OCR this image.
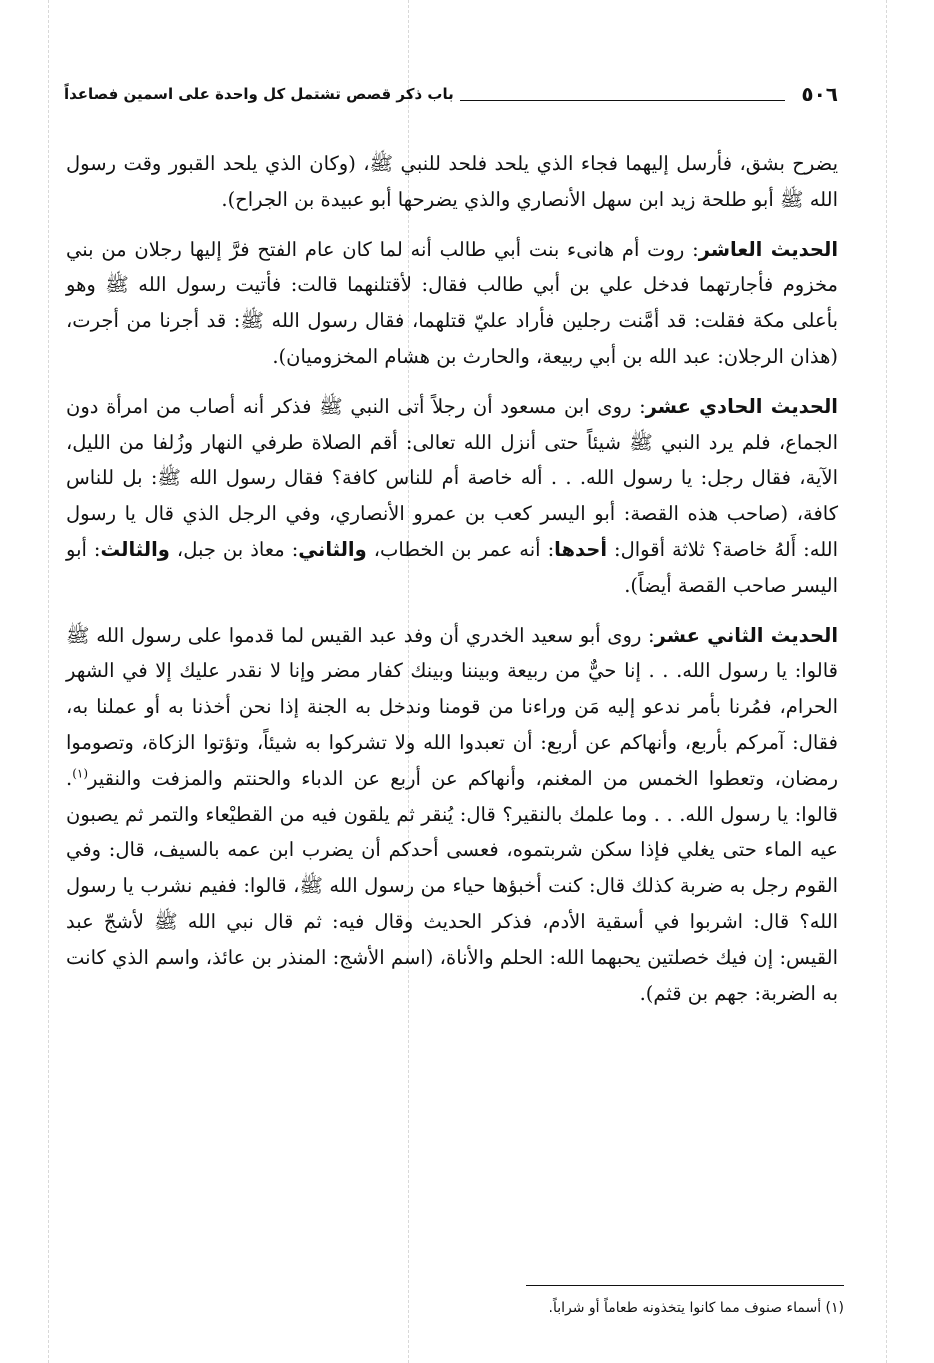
٥٠٦
باب ذكر قصص تشتمل كل واحدة على اسمين فصاعداً

يضرح بشق، فأرسل إليهما فجاء الذي يلحد فلحد للنبي ﷺ، (وكان الذي يلحد القبور وقت رسول الله ﷺ أبو طلحة زيد ابن سهل الأنصاري والذي يضرحها أبو عبيدة بن الجراح).

الحديث العاشر: روت أم هانىء بنت أبي طالب أنه لما كان عام الفتح فرَّ إليها رجلان من بني مخزوم فأجارتهما فدخل علي بن أبي طالب فقال: لأقتلنهما قالت: فأتيت رسول الله ﷺ وهو بأعلى مكة فقلت: قد أمَّنت رجلين فأراد عليّ قتلهما، فقال رسول الله ﷺ: قد أجرنا من أجرت، (هذان الرجلان: عبد الله بن أبي ربيعة، والحارث بن هشام المخزوميان).

الحديث الحادي عشر: روى ابن مسعود أن رجلاً أتى النبي ﷺ فذكر أنه أصاب من امرأة دون الجماع، فلم يرد النبي ﷺ شيئاً حتى أنزل الله تعالى: أقم الصلاة طرفي النهار وزُلفا من الليل، الآية، فقال رجل: يا رسول الله. . . أله خاصة أم للناس كافة؟ فقال رسول الله ﷺ: بل للناس كافة، (صاحب هذه القصة: أبو اليسر كعب بن عمرو الأنصاري، وفي الرجل الذي قال يا رسول الله: أَلهُ خاصة؟ ثلاثة أقوال: أحدها: أنه عمر بن الخطاب، والثاني: معاذ بن جبل، والثالث: أبو اليسر صاحب القصة أيضاً).

الحديث الثاني عشر: روى أبو سعيد الخدري أن وفد عبد القيس لما قدموا على رسول الله ﷺ قالوا: يا رسول الله. . . إنا حيٌّ من ربيعة وبيننا وبينك كفار مضر وإنا لا نقدر عليك إلا في الشهر الحرام، فمُرنا بأمر ندعو إليه مَن وراءنا من قومنا وندخل به الجنة إذا نحن أخذنا به أو عملنا به، فقال: آمركم بأربع، وأنهاكم عن أربع: أن تعبدوا الله ولا تشركوا به شيئاً، وتؤتوا الزكاة، وتصوموا رمضان، وتعطوا الخمس من المغنم، وأنهاكم عن أربع عن الدباء والحنتم والمزفت والنقير$^{(١)}$. قالوا: يا رسول الله. . . وما علمك بالنقير؟ قال: يُنقر ثم يلقون فيه من القطيْعاء والتمر ثم يصبون عيه الماء حتى يغلي فإذا سكن شربتموه، فعسى أحدكم أن يضرب ابن عمه بالسيف، قال: وفي القوم رجل به ضربة كذلك قال: كنت أخبؤها حياء من رسول الله ﷺ، قالوا: ففيم نشرب يا رسول الله؟ قال: اشربوا في أسقية الأدم، فذكر الحديث وقال فيه: ثم قال نبي الله ﷺ لأشجّ عبد القيس: إن فيك خصلتين يحبهما الله: الحلم والأناة، (اسم الأشج: المنذر بن عائذ، واسم الذي كانت به الضربة: جهم بن قثم).

(١) أسماء صنوف مما كانوا يتخذونه طعاماً أو شراباً.
